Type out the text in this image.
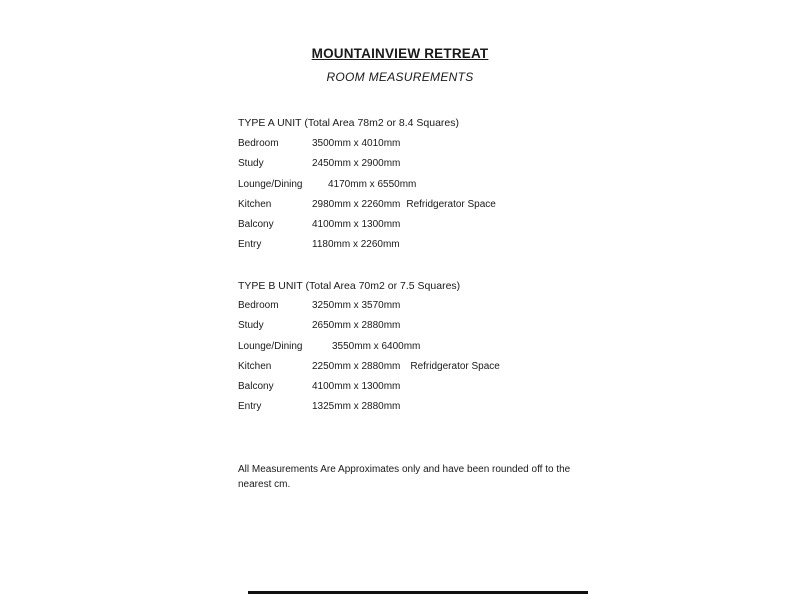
MOUNTAINVIEW RETREAT
ROOM MEASUREMENTS
TYPE A UNIT (Total Area 78m2 or 8.4 Squares)
Bedroom	3500mm x 4010mm
Study	2450mm x 2900mm
Lounge/Dining	4170mm x 6550mm
Kitchen	2980mm x 2260mm Refridgerator Space
Balcony	4100mm x 1300mm
Entry	1180mm x 2260mm
TYPE B UNIT (Total Area 70m2 or 7.5 Squares)
Bedroom	3250mm x 3570mm
Study	2650mm x 2880mm
Lounge/Dining	3550mm x 6400mm
Kitchen	2250mm x 2880mm Refridgerator Space
Balcony	4100mm x 1300mm
Entry	1325mm x 2880mm
All Measurements Are Approximates only and have been rounded off to the nearest cm.
